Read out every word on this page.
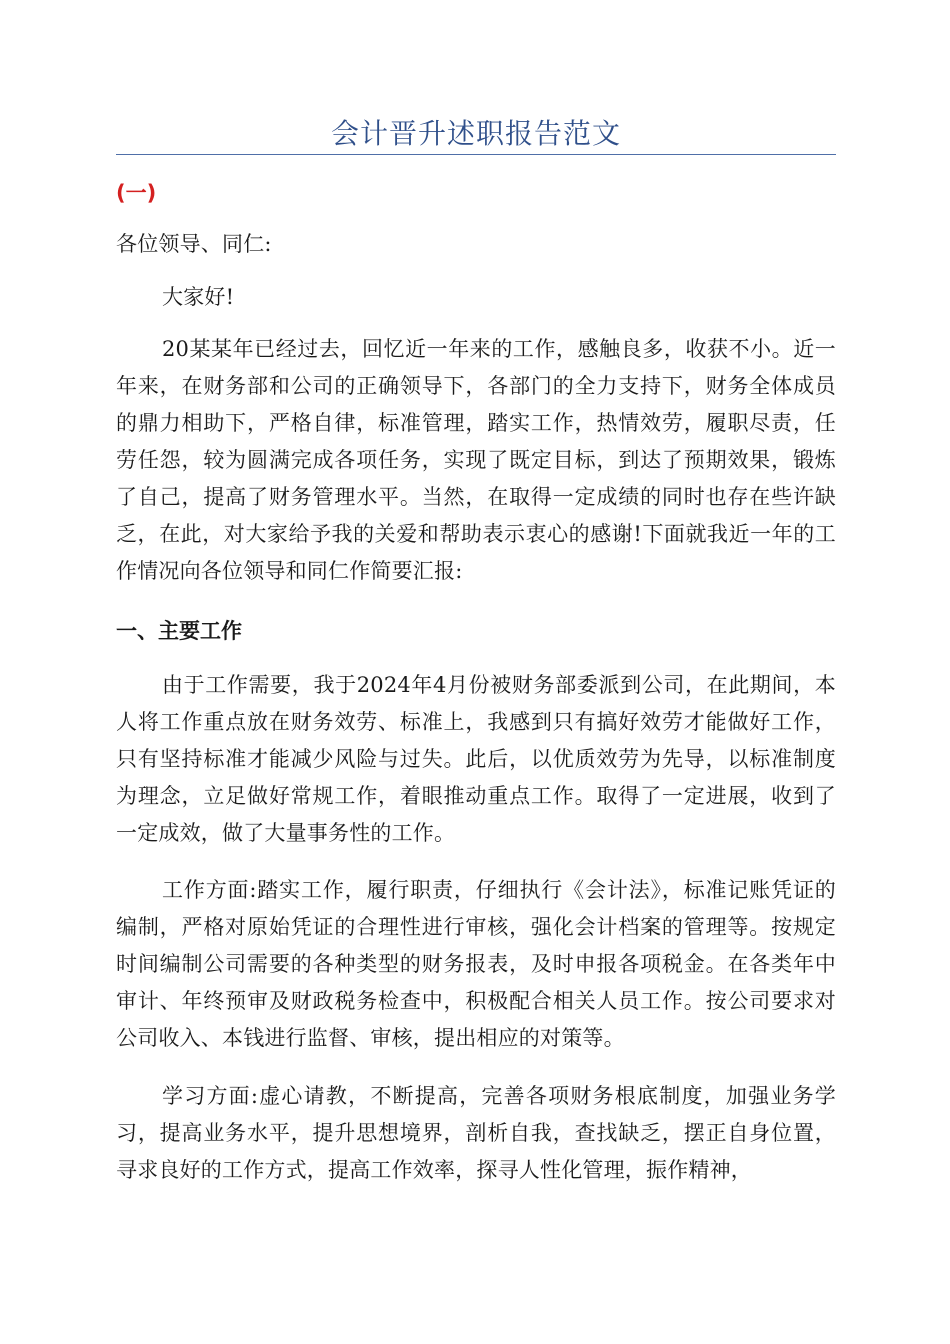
会计晋升述职报告范文
(一)
各位领导、同仁:
大家好!
20某某年已经过去，回忆近一年来的工作，感触良多，收获不小。近一年来，在财务部和公司的正确领导下，各部门的全力支持下，财务全体成员的鼎力相助下，严格自律，标准管理，踏实工作，热情效劳，履职尽责，任劳任怨，较为圆满完成各项任务，实现了既定目标，到达了预期效果，锻炼了自己，提高了财务管理水平。当然，在取得一定成绩的同时也存在些许缺乏，在此，对大家给予我的关爱和帮助表示衷心的感谢!下面就我近一年的工作情况向各位领导和同仁作简要汇报:
一、主要工作
由于工作需要，我于2024年4月份被财务部委派到公司，在此期间，本人将工作重点放在财务效劳、标准上，我感到只有搞好效劳才能做好工作，只有坚持标准才能减少风险与过失。此后，以优质效劳为先导，以标准制度为理念，立足做好常规工作，着眼推动重点工作。取得了一定进展，收到了一定成效，做了大量事务性的工作。
工作方面:踏实工作，履行职责，仔细执行《会计法》，标准记账凭证的编制，严格对原始凭证的合理性进行审核，强化会计档案的管理等。按规定时间编制公司需要的各种类型的财务报表，及时申报各项税金。在各类年中审计、年终预审及财政税务检查中，积极配合相关人员工作。按公司要求对公司收入、本钱进行监督、审核，提出相应的对策等。
学习方面:虚心请教，不断提高，完善各项财务根底制度，加强业务学习，提高业务水平，提升思想境界，剖析自我，查找缺乏，摆正自身位置，寻求良好的工作方式，提高工作效率，探寻人性化管理，振作精神，
